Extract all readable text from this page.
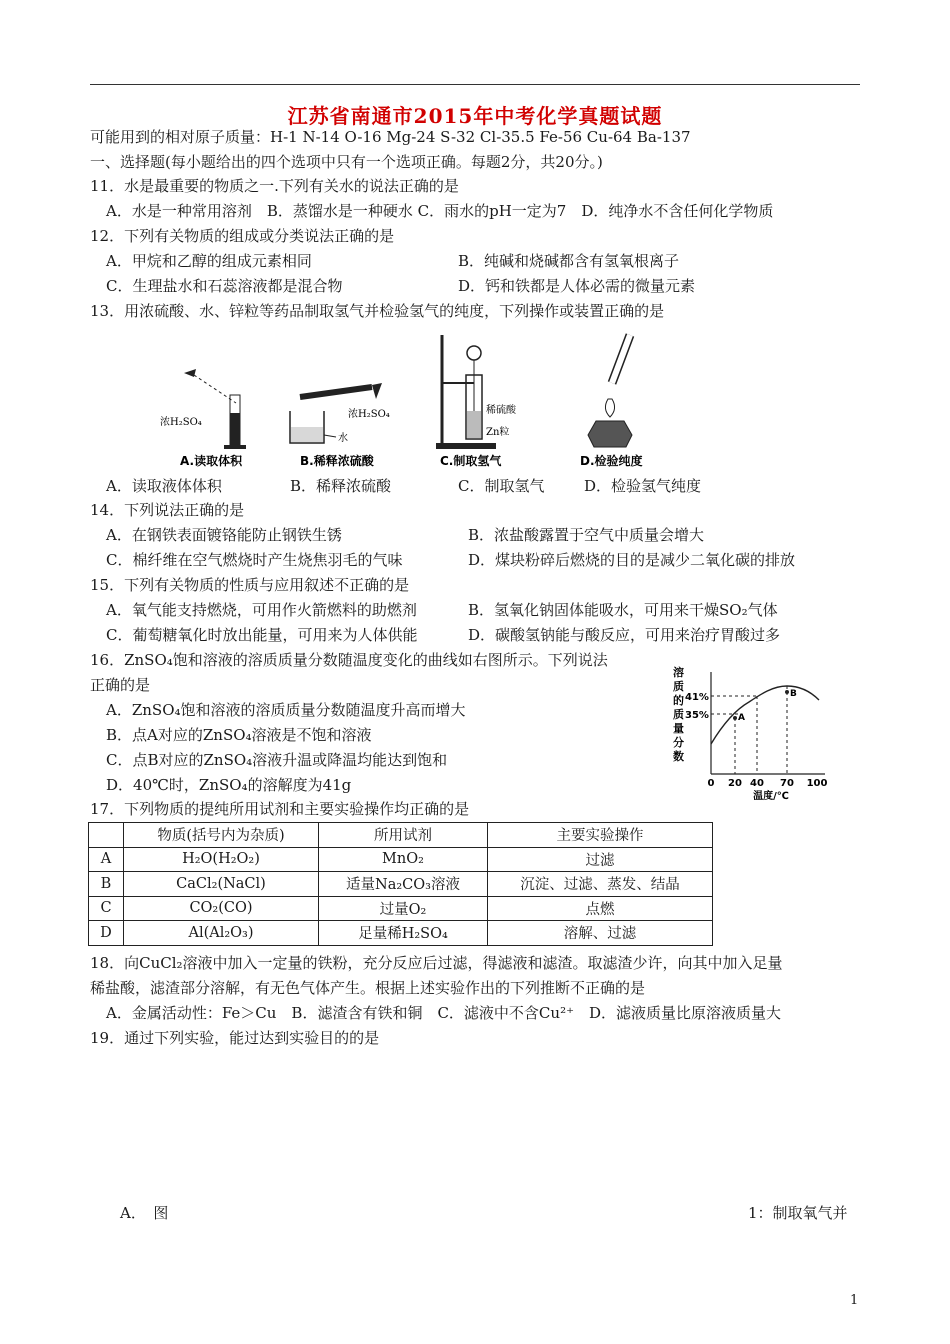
江苏省南通市2015年中考化学真题试题
可能用到的相对原子质量：H-1 N-14 O-16 Mg-24 S-32 Cl-35.5 Fe-56 Cu-64 Ba-137
一、选择题(每小题给出的四个选项中只有一个选项正确。每题2分，共20分。)
11．水是最重要的物质之一.下列有关水的说法正确的是
A．水是一种常用溶剂　B．蒸馏水是一种硬水 C．雨水的pH一定为7　D．纯净水不含任何化学物质
12．下列有关物质的组成或分类说法正确的是
A．甲烷和乙醇的组成元素相同	B．纯碱和烧碱都含有氢氧根离子
C．生理盐水和石蕊溶液都是混合物	D．钙和铁都是人体必需的微量元素
13．用浓硫酸、水、锌粒等药品制取氢气并检验氢气的纯度，下列操作或装置正确的是
浓H₂SO₄
A.读取体积
水
浓H₂SO₄
B.稀释浓硫酸
稀硫酸
Zn粒
C.制取氢气	D.检验纯度
A．读取液体体积	B．稀释浓硫酸	C．制取氢气	D．检验氢气纯度
14．下列说法正确的是
A．在钢铁表面镀铬能防止钢铁生锈	B．浓盐酸露置于空气中质量会增大
C．棉纤维在空气燃烧时产生烧焦羽毛的气味	D．煤块粉碎后燃烧的目的是减少二氧化碳的排放
15．下列有关物质的性质与应用叙述不正确的是
A．氧气能支持燃烧，可用作火箭燃料的助燃剂	B．氢氧化钠固体能吸水，可用来干燥SO₂气体
C．葡萄糖氧化时放出能量，可用来为人体供能	D．碳酸氢钠能与酸反应，可用来治疗胃酸过多
16．ZnSO₄饱和溶液的溶质质量分数随温度变化的曲线如右图所示。下列说法
正确的是
A．ZnSO₄饱和溶液的溶质质量分数随温度升高而增大
B．点A对应的ZnSO₄溶液是不饱和溶液
C．点B对应的ZnSO₄溶液升温或降温均能达到饱和
D．40℃时，ZnSO₄的溶解度为41g
溶
质
的
质
量
分
数
A
B
41%
35%
0 20 40 70 100
温度/℃
17．下列物质的提纯所用试剂和主要实验操作均正确的是
	物质(括号内为杂质)	所用试剂	主要实验操作
A	H₂O(H₂O₂)	MnO₂	过滤
B	CaCl₂(NaCl)	适量Na₂CO₃溶液	沉淀、过滤、蒸发、结晶
C	CO₂(CO)	过量O₂	点燃
D	Al(Al₂O₃)	足量稀H₂SO₄	溶解、过滤
18．向CuCl₂溶液中加入一定量的铁粉，充分反应后过滤，得滤液和滤渣。取滤渣少许，向其中加入足量
稀盐酸，滤渣部分溶解，有无色气体产生。根据上述实验作出的下列推断不正确的是
A．金属活动性：Fe＞Cu　B．滤渣含有铁和铜　C．滤液中不含Cu²⁺　D．滤液质量比原溶液质量大
19．通过下列实验，能过达到实验目的的是
A．　图	1：制取氧气并
1
